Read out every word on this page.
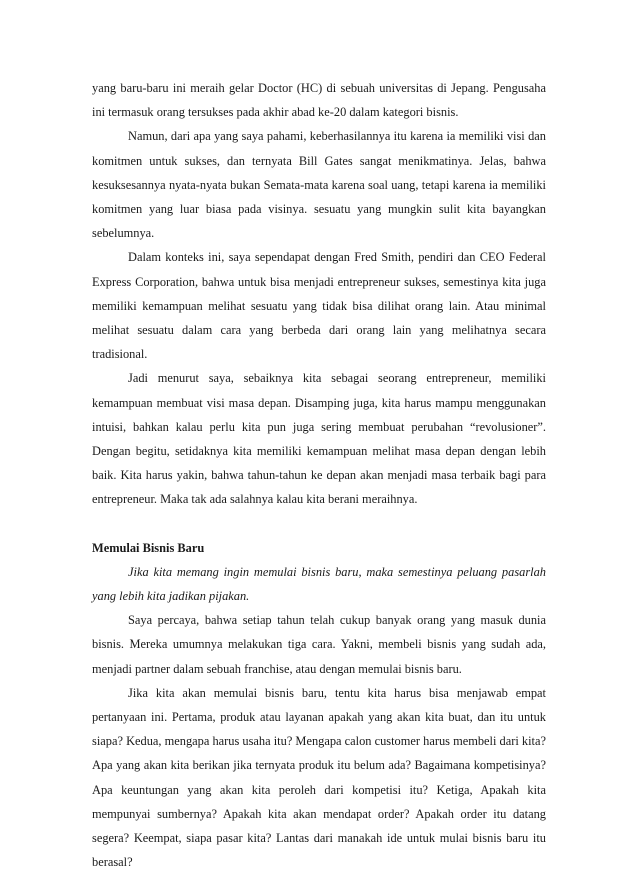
yang baru-baru ini meraih gelar Doctor (HC) di sebuah universitas di Jepang. Pengusaha ini termasuk orang tersukses pada akhir abad ke-20 dalam kategori bisnis.

Namun, dari apa yang saya pahami, keberhasilannya itu karena ia memiliki visi dan komitmen untuk sukses, dan ternyata Bill Gates sangat menikmatinya. Jelas, bahwa kesuksesannya nyata-nyata bukan Semata-mata karena soal uang, tetapi karena ia memiliki komitmen yang luar biasa pada visinya. sesuatu yang mungkin sulit kita bayangkan sebelumnya.

Dalam konteks ini, saya sependapat dengan Fred Smith, pendiri dan CEO Federal Express Corporation, bahwa untuk bisa menjadi entrepreneur sukses, semestinya kita juga memiliki kemampuan melihat sesuatu yang tidak bisa dilihat orang lain. Atau minimal melihat sesuatu dalam cara yang berbeda dari orang lain yang melihatnya secara tradisional.

Jadi menurut saya, sebaiknya kita sebagai seorang entrepreneur, memiliki kemampuan membuat visi masa depan. Disamping juga, kita harus mampu menggunakan intuisi, bahkan kalau perlu kita pun juga sering membuat perubahan “revolusioner”. Dengan begitu, setidaknya kita memiliki kemampuan melihat masa depan dengan lebih baik. Kita harus yakin, bahwa tahun-tahun ke depan akan menjadi masa terbaik bagi para entrepreneur. Maka tak ada salahnya kalau kita berani meraihnya.

Memulai Bisnis Baru

Jika kita memang ingin memulai bisnis baru, maka semestinya peluang pasarlah yang lebih kita jadikan pijakan.

Saya percaya, bahwa setiap tahun telah cukup banyak orang yang masuk dunia bisnis. Mereka umumnya melakukan tiga cara. Yakni, membeli bisnis yang sudah ada, menjadi partner dalam sebuah franchise, atau dengan memulai bisnis baru.

Jika kita akan memulai bisnis baru, tentu kita harus bisa menjawab empat pertanyaan ini. Pertama, produk atau layanan apakah yang akan kita buat, dan itu untuk siapa? Kedua, mengapa harus usaha itu? Mengapa calon customer harus membeli dari kita? Apa yang akan kita berikan jika ternyata produk itu belum ada? Bagaimana kompetisinya? Apa keuntungan yang akan kita peroleh dari kompetisi itu? Ketiga, Apakah kita mempunyai sumbernya? Apakah kita akan mendapat order? Apakah order itu datang segera? Keempat, siapa pasar kita? Lantas dari manakah ide untuk mulai bisnis baru itu berasal?
